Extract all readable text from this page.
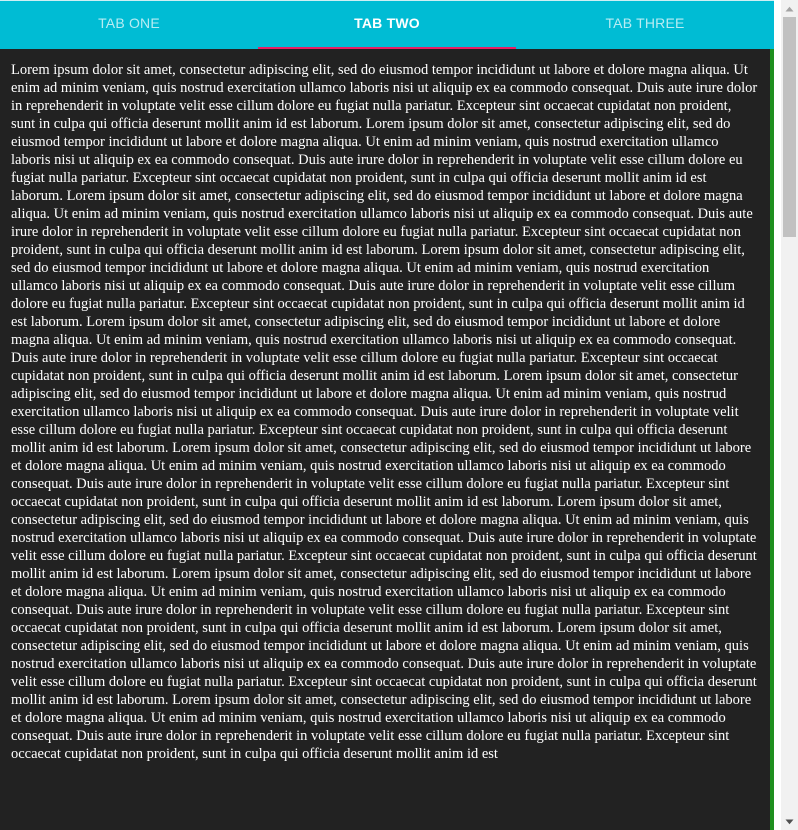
TAB ONE	TAB TWO	TAB THREE

Lorem ipsum dolor sit amet, consectetur adipiscing elit, sed do eiusmod tempor incididunt ut labore et dolore magna aliqua. Ut enim ad minim veniam, quis nostrud exercitation ullamco laboris nisi ut aliquip ex ea commodo consequat. Duis aute irure dolor in reprehenderit in voluptate velit esse cillum dolore eu fugiat nulla pariatur. Excepteur sint occaecat cupidatat non proident, sunt in culpa qui officia deserunt mollit anim id est laborum. Lorem ipsum dolor sit amet, consectetur adipiscing elit, sed do eiusmod tempor incididunt ut labore et dolore magna aliqua. Ut enim ad minim veniam, quis nostrud exercitation ullamco laboris nisi ut aliquip ex ea commodo consequat. Duis aute irure dolor in reprehenderit in voluptate velit esse cillum dolore eu fugiat nulla pariatur. Excepteur sint occaecat cupidatat non proident, sunt in culpa qui officia deserunt mollit anim id est laborum. Lorem ipsum dolor sit amet, consectetur adipiscing elit, sed do eiusmod tempor incididunt ut labore et dolore magna aliqua. Ut enim ad minim veniam, quis nostrud exercitation ullamco laboris nisi ut aliquip ex ea commodo consequat. Duis aute irure dolor in reprehenderit in voluptate velit esse cillum dolore eu fugiat nulla pariatur. Excepteur sint occaecat cupidatat non proident, sunt in culpa qui officia deserunt mollit anim id est laborum. Lorem ipsum dolor sit amet, consectetur adipiscing elit, sed do eiusmod tempor incididunt ut labore et dolore magna aliqua. Ut enim ad minim veniam, quis nostrud exercitation ullamco laboris nisi ut aliquip ex ea commodo consequat. Duis aute irure dolor in reprehenderit in voluptate velit esse cillum dolore eu fugiat nulla pariatur. Excepteur sint occaecat cupidatat non proident, sunt in culpa qui officia deserunt mollit anim id est laborum. Lorem ipsum dolor sit amet, consectetur adipiscing elit, sed do eiusmod tempor incididunt ut labore et dolore magna aliqua. Ut enim ad minim veniam, quis nostrud exercitation ullamco laboris nisi ut aliquip ex ea commodo consequat. Duis aute irure dolor in reprehenderit in voluptate velit esse cillum dolore eu fugiat nulla pariatur. Excepteur sint occaecat cupidatat non proident, sunt in culpa qui officia deserunt mollit anim id est laborum. Lorem ipsum dolor sit amet, consectetur adipiscing elit, sed do eiusmod tempor incididunt ut labore et dolore magna aliqua. Ut enim ad minim veniam, quis nostrud exercitation ullamco laboris nisi ut aliquip ex ea commodo consequat. Duis aute irure dolor in reprehenderit in voluptate velit esse cillum dolore eu fugiat nulla pariatur. Excepteur sint occaecat cupidatat non proident, sunt in culpa qui officia deserunt mollit anim id est laborum. Lorem ipsum dolor sit amet, consectetur adipiscing elit, sed do eiusmod tempor incididunt ut labore et dolore magna aliqua. Ut enim ad minim veniam, quis nostrud exercitation ullamco laboris nisi ut aliquip ex ea commodo consequat. Duis aute irure dolor in reprehenderit in voluptate velit esse cillum dolore eu fugiat nulla pariatur. Excepteur sint occaecat cupidatat non proident, sunt in culpa qui officia deserunt mollit anim id est laborum. Lorem ipsum dolor sit amet, consectetur adipiscing elit, sed do eiusmod tempor incididunt ut labore et dolore magna aliqua. Ut enim ad minim veniam, quis nostrud exercitation ullamco laboris nisi ut aliquip ex ea commodo consequat. Duis aute irure dolor in reprehenderit in voluptate velit esse cillum dolore eu fugiat nulla pariatur. Excepteur sint occaecat cupidatat non proident, sunt in culpa qui officia deserunt mollit anim id est laborum. Lorem ipsum dolor sit amet, consectetur adipiscing elit, sed do eiusmod tempor incididunt ut labore et dolore magna aliqua. Ut enim ad minim veniam, quis nostrud exercitation ullamco laboris nisi ut aliquip ex ea commodo consequat. Duis aute irure dolor in reprehenderit in voluptate velit esse cillum dolore eu fugiat nulla pariatur. Excepteur sint occaecat cupidatat non proident, sunt in culpa qui officia deserunt mollit anim id est laborum. Lorem ipsum dolor sit amet, consectetur adipiscing elit, sed do eiusmod tempor incididunt ut labore et dolore magna aliqua. Ut enim ad minim veniam, quis nostrud exercitation ullamco laboris nisi ut aliquip ex ea commodo consequat. Duis aute irure dolor in reprehenderit in voluptate velit esse cillum dolore eu fugiat nulla pariatur. Excepteur sint occaecat cupidatat non proident, sunt in culpa qui officia deserunt mollit anim id est laborum. Lorem ipsum dolor sit amet, consectetur adipiscing elit, sed do eiusmod tempor incididunt ut labore et dolore magna aliqua. Ut enim ad minim veniam, quis nostrud exercitation ullamco laboris nisi ut aliquip ex ea commodo consequat. Duis aute irure dolor in reprehenderit in voluptate velit esse cillum dolore eu fugiat nulla pariatur. Excepteur sint occaecat cupidatat non proident, sunt in culpa qui officia deserunt mollit anim id est
